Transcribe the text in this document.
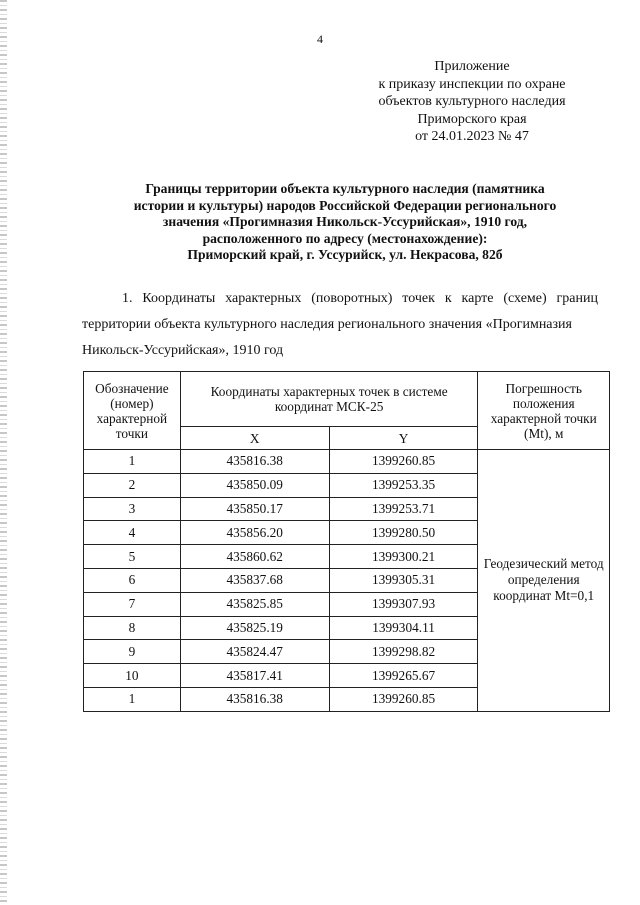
4
Приложение
к приказу инспекции по охране
объектов культурного наследия
Приморского края
от 24.01.2023 № 47
Границы территории объекта культурного наследия (памятника
истории и культуры) народов Российской Федерации регионального
значения «Прогимназия Никольск-Уссурийская», 1910 год,
расположенного по адресу (местонахождение):
Приморский край, г. Уссурийск, ул. Некрасова, 82б
1. Координаты характерных (поворотных) точек к карте (схеме) границ
территории объекта культурного наследия регионального значения «Прогимназия
Никольск-Уссурийская», 1910 год
Обозначение (номер) характерной точки	Координаты характерных точек в системе координат МСК-25		Погрешность положения характерной точки (Mt), м
	X	Y	
1	435816.38	1399260.85	Геодезический метод определения координат Mt=0,1
2	435850.09	1399253.35	
3	435850.17	1399253.71	
4	435856.20	1399280.50	
5	435860.62	1399300.21	
6	435837.68	1399305.31	
7	435825.85	1399307.93	
8	435825.19	1399304.11	
9	435824.47	1399298.82	
10	435817.41	1399265.67	
1	435816.38	1399260.85	
